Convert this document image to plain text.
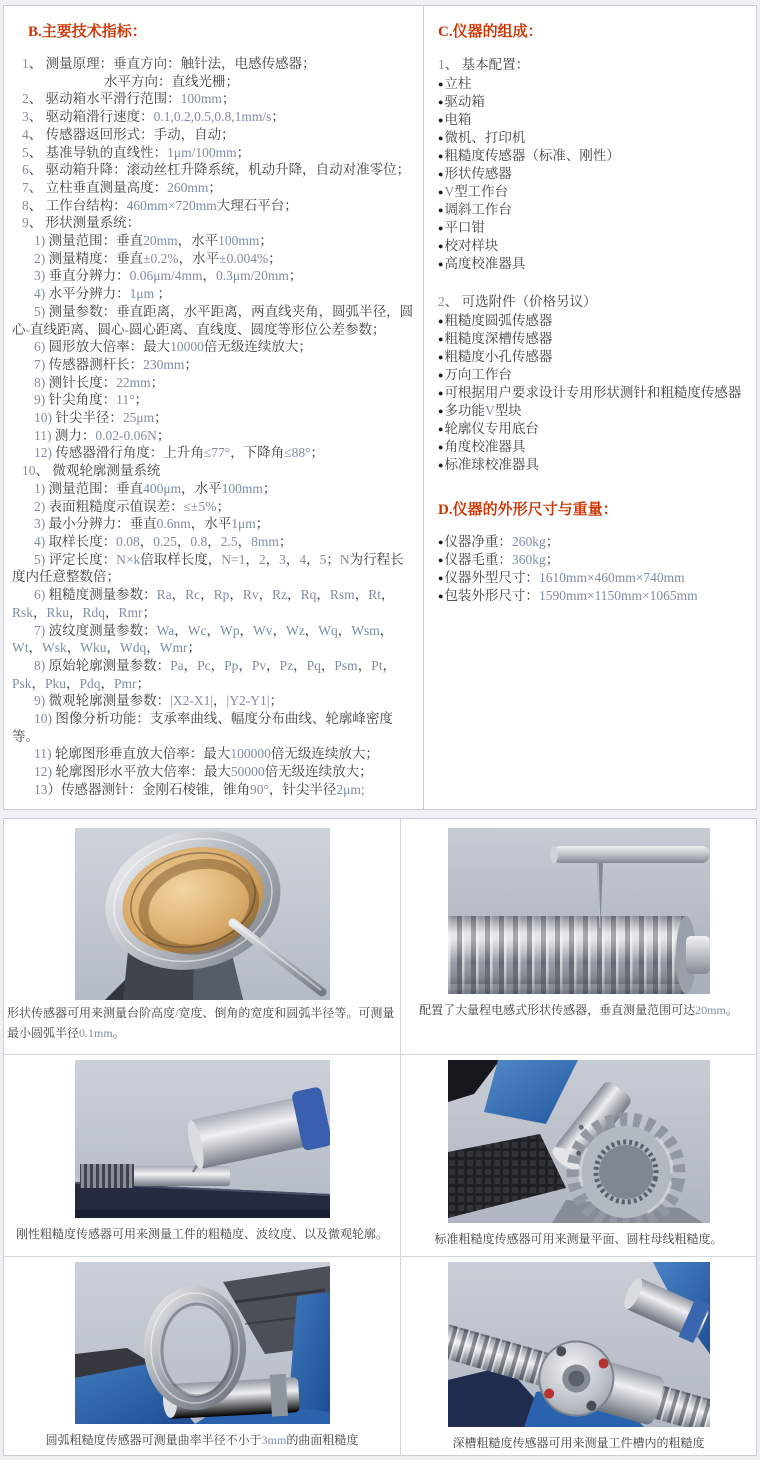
B.主要技术指标：

1、 测量原理：垂直方向：触针法，电感传感器；

水平方向：直线光栅；

2、 驱动箱水平滑行范围：100mm；

3、 驱动箱滑行速度：0.1,0.2,0.5,0.8,1mm/s；

4、 传感器返回形式：手动，自动；

5、 基准导轨的直线性：1μm/100mm；

6、 驱动箱升降：滚动丝杠升降系统，机动升降，自动对准零位；

7、 立柱垂直测量高度：260mm；

8、 工作台结构：460mm×720mm大理石平台；

9、 形状测量系统：

1) 测量范围：垂直20mm，水平100mm；

2) 测量精度：垂直±0.2%，水平±0.004%；

3) 垂直分辨力：0.06μm/4mm，0.3μm/20mm；

4) 水平分辨力：1μm ；

5) 测量参数：垂直距离，水平距离，两直线夹角，圆弧半径，圆心-直线距离、圆心-圆心距离、直线度、圆度等形位公差参数；

6) 圆形放大倍率：最大10000倍无级连续放大；

7) 传感器测杆长：230mm；

8) 测针长度：22mm；

9) 针尖角度：11°；

10) 针尖半径：25μm；

11) 测力：0.02-0.06N；

12) 传感器滑行角度：上升角≤77°，下降角≤88°；

10、 微观轮廓测量系统

1) 测量范围：垂直400μm，水平100mm；

2) 表面粗糙度示值误差：≤±5%；

3) 最小分辨力：垂直0.6nm，水平1μm；

4) 取样长度：0.08，0.25，0.8，2.5，8mm；

5) 评定长度：N×k倍取样长度，N=1，2，3，4，5；N为行程长度内任意整数倍；

6) 粗糙度测量参数：Ra，Rc，Rp，Rv，Rz，Rq，Rsm，Rt，Rsk，Rku，Rdq，Rmr；

7) 波纹度测量参数：Wa，Wc，Wp，Wv，Wz，Wq，Wsm，Wt，Wsk，Wku，Wdq，Wmr；

8) 原始轮廓测量参数：Pa，Pc，Pp，Pv，Pz，Pq，Psm，Pt，Psk，Pku，Pdq，Pmr；

9) 微观轮廓测量参数：|X2-X1|，|Y2-Y1|；

10) 图像分析功能：支承率曲线、幅度分布曲线、轮廓峰密度等。

11) 轮廓图形垂直放大倍率：最大100000倍无级连续放大；

12) 轮廓图形水平放大倍率：最大50000倍无级连续放大；

13）传感器测针：金刚石棱锥，锥角90°，针尖半径2μm;

C.仪器的组成：

1、 基本配置：

●立柱
●驱动箱
●电箱
●微机、打印机
●粗糙度传感器（标准、刚性）
●形状传感器
●V型工作台
●调斜工作台
●平口钳
●校对样块
●高度校准器具

2、 可选附件（价格另议）

●粗糙度圆弧传感器
●粗糙度深槽传感器
●粗糙度小孔传感器
●万向工作台
●可根据用户要求设计专用形状测针和粗糙度传感器
●多功能V型块
●轮廓仪专用底台
●角度校准器具
●标准球校准器具
D.仪器的外形尺寸与重量：
●仪器净重：260kg；
●仪器毛重：360kg；
●仪器外型尺寸：1610mm×460mm×740mm
●包装外形尺寸：1590mm×1150mm×1065mm
形状传感器可用来测量台阶高度/宽度、倒角的宽度和圆弧半径等。可测量最小圆弧半径0.1mm。
配置了大量程电感式形状传感器，垂直测量范围可达20mm。
刚性粗糙度传感器可用来测量工件的粗糙度、波纹度、以及微观轮廓。	标准粗糙度传感器可用来测量平面、圆柱母线粗糙度。
圆弧粗糙度传感器可测量曲率半径不小于3mm的曲面粗糙度	深槽粗糙度传感器可用来测量工件槽内的粗糙度
